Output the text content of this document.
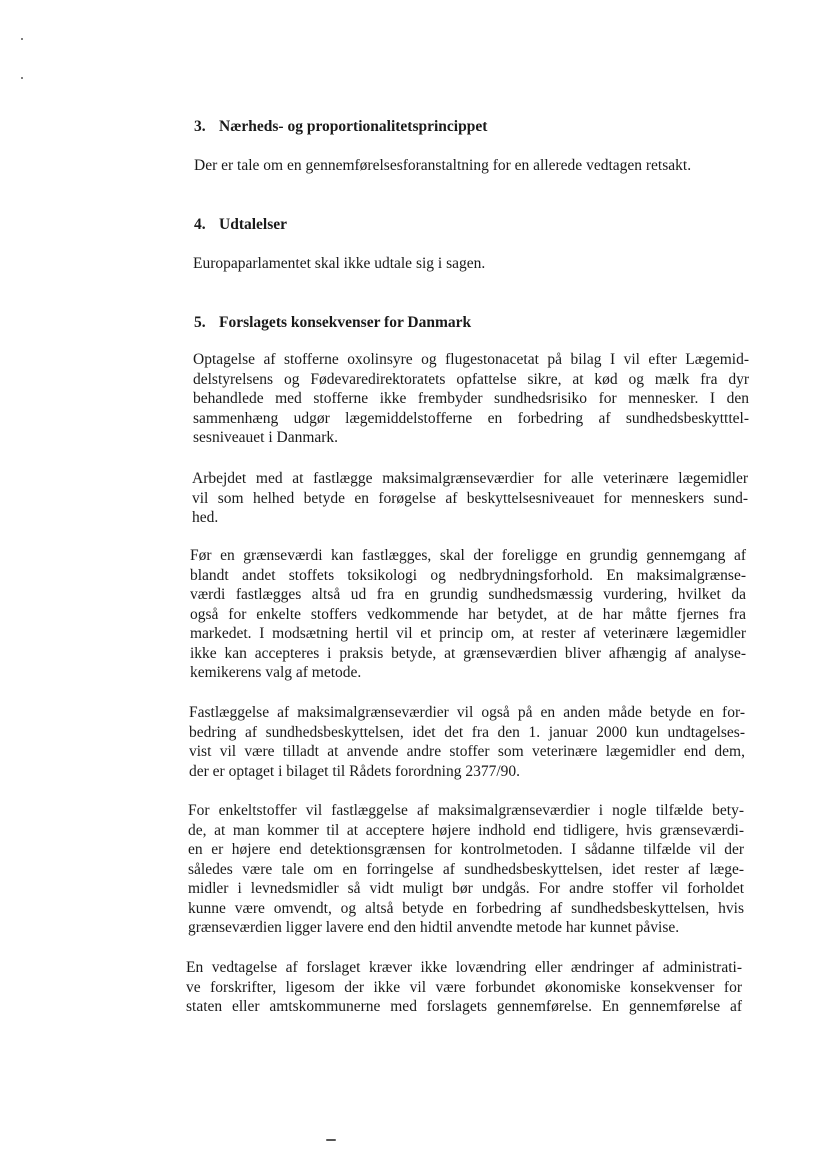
3. Nærheds- og proportionalitetsprincippet

Der er tale om en gennemførelsesforanstaltning for en allerede vedtagen retsakt.

4. Udtalelser

Europaparlamentet skal ikke udtale sig i sagen.

5. Forslagets konsekvenser for Danmark

Optagelse af stofferne oxolinsyre og flugestonacetat på bilag I vil efter Lægemid-
delstyrelsens og Fødevaredirektoratets opfattelse sikre, at kød og mælk fra dyr
behandlede med stofferne ikke frembyder sundhedsrisiko for mennesker. I den
sammenhæng udgør lægemiddelstofferne en forbedring af sundhedsbeskytttel-
sesniveauet i Danmark.

Arbejdet med at fastlægge maksimalgrænseværdier for alle veterinære lægemidler
vil som helhed betyde en forøgelse af beskyttelsesniveauet for menneskers sund-
hed.

Før en grænseværdi kan fastlægges, skal der foreligge en grundig gennemgang af
blandt andet stoffets toksikologi og nedbrydningsforhold. En maksimalgrænse-
værdi fastlægges altså ud fra en grundig sundhedsmæssig vurdering, hvilket da
også for enkelte stoffers vedkommende har betydet, at de har måtte fjernes fra
markedet. I modsætning hertil vil et princip om, at rester af veterinære lægemidler
ikke kan accepteres i praksis betyde, at grænseværdien bliver afhængig af analyse-
kemikerens valg af metode.

Fastlæggelse af maksimalgrænseværdier vil også på en anden måde betyde en for-
bedring af sundhedsbeskyttelsen, idet det fra den 1. januar 2000 kun undtagelses-
vist vil være tilladt at anvende andre stoffer som veterinære lægemidler end dem,
der er optaget i bilaget til Rådets forordning 2377/90.

For enkeltstoffer vil fastlæggelse af maksimalgrænseværdier i nogle tilfælde bety-
de, at man kommer til at acceptere højere indhold end tidligere, hvis grænseværdi-
en er højere end detektionsgrænsen for kontrolmetoden. I sådanne tilfælde vil der
således være tale om en forringelse af sundhedsbeskyttelsen, idet rester af læge-
midler i levnedsmidler så vidt muligt bør undgås. For andre stoffer vil forholdet
kunne være omvendt, og altså betyde en forbedring af sundhedsbeskyttelsen, hvis
grænseværdien ligger lavere end den hidtil anvendte metode har kunnet påvise.

En vedtagelse af forslaget kræver ikke lovændring eller ændringer af administrati-
ve forskrifter, ligesom der ikke vil være forbundet økonomiske konsekvenser for
staten eller amtskommunerne med forslagets gennemførelse. En gennemførelse af
